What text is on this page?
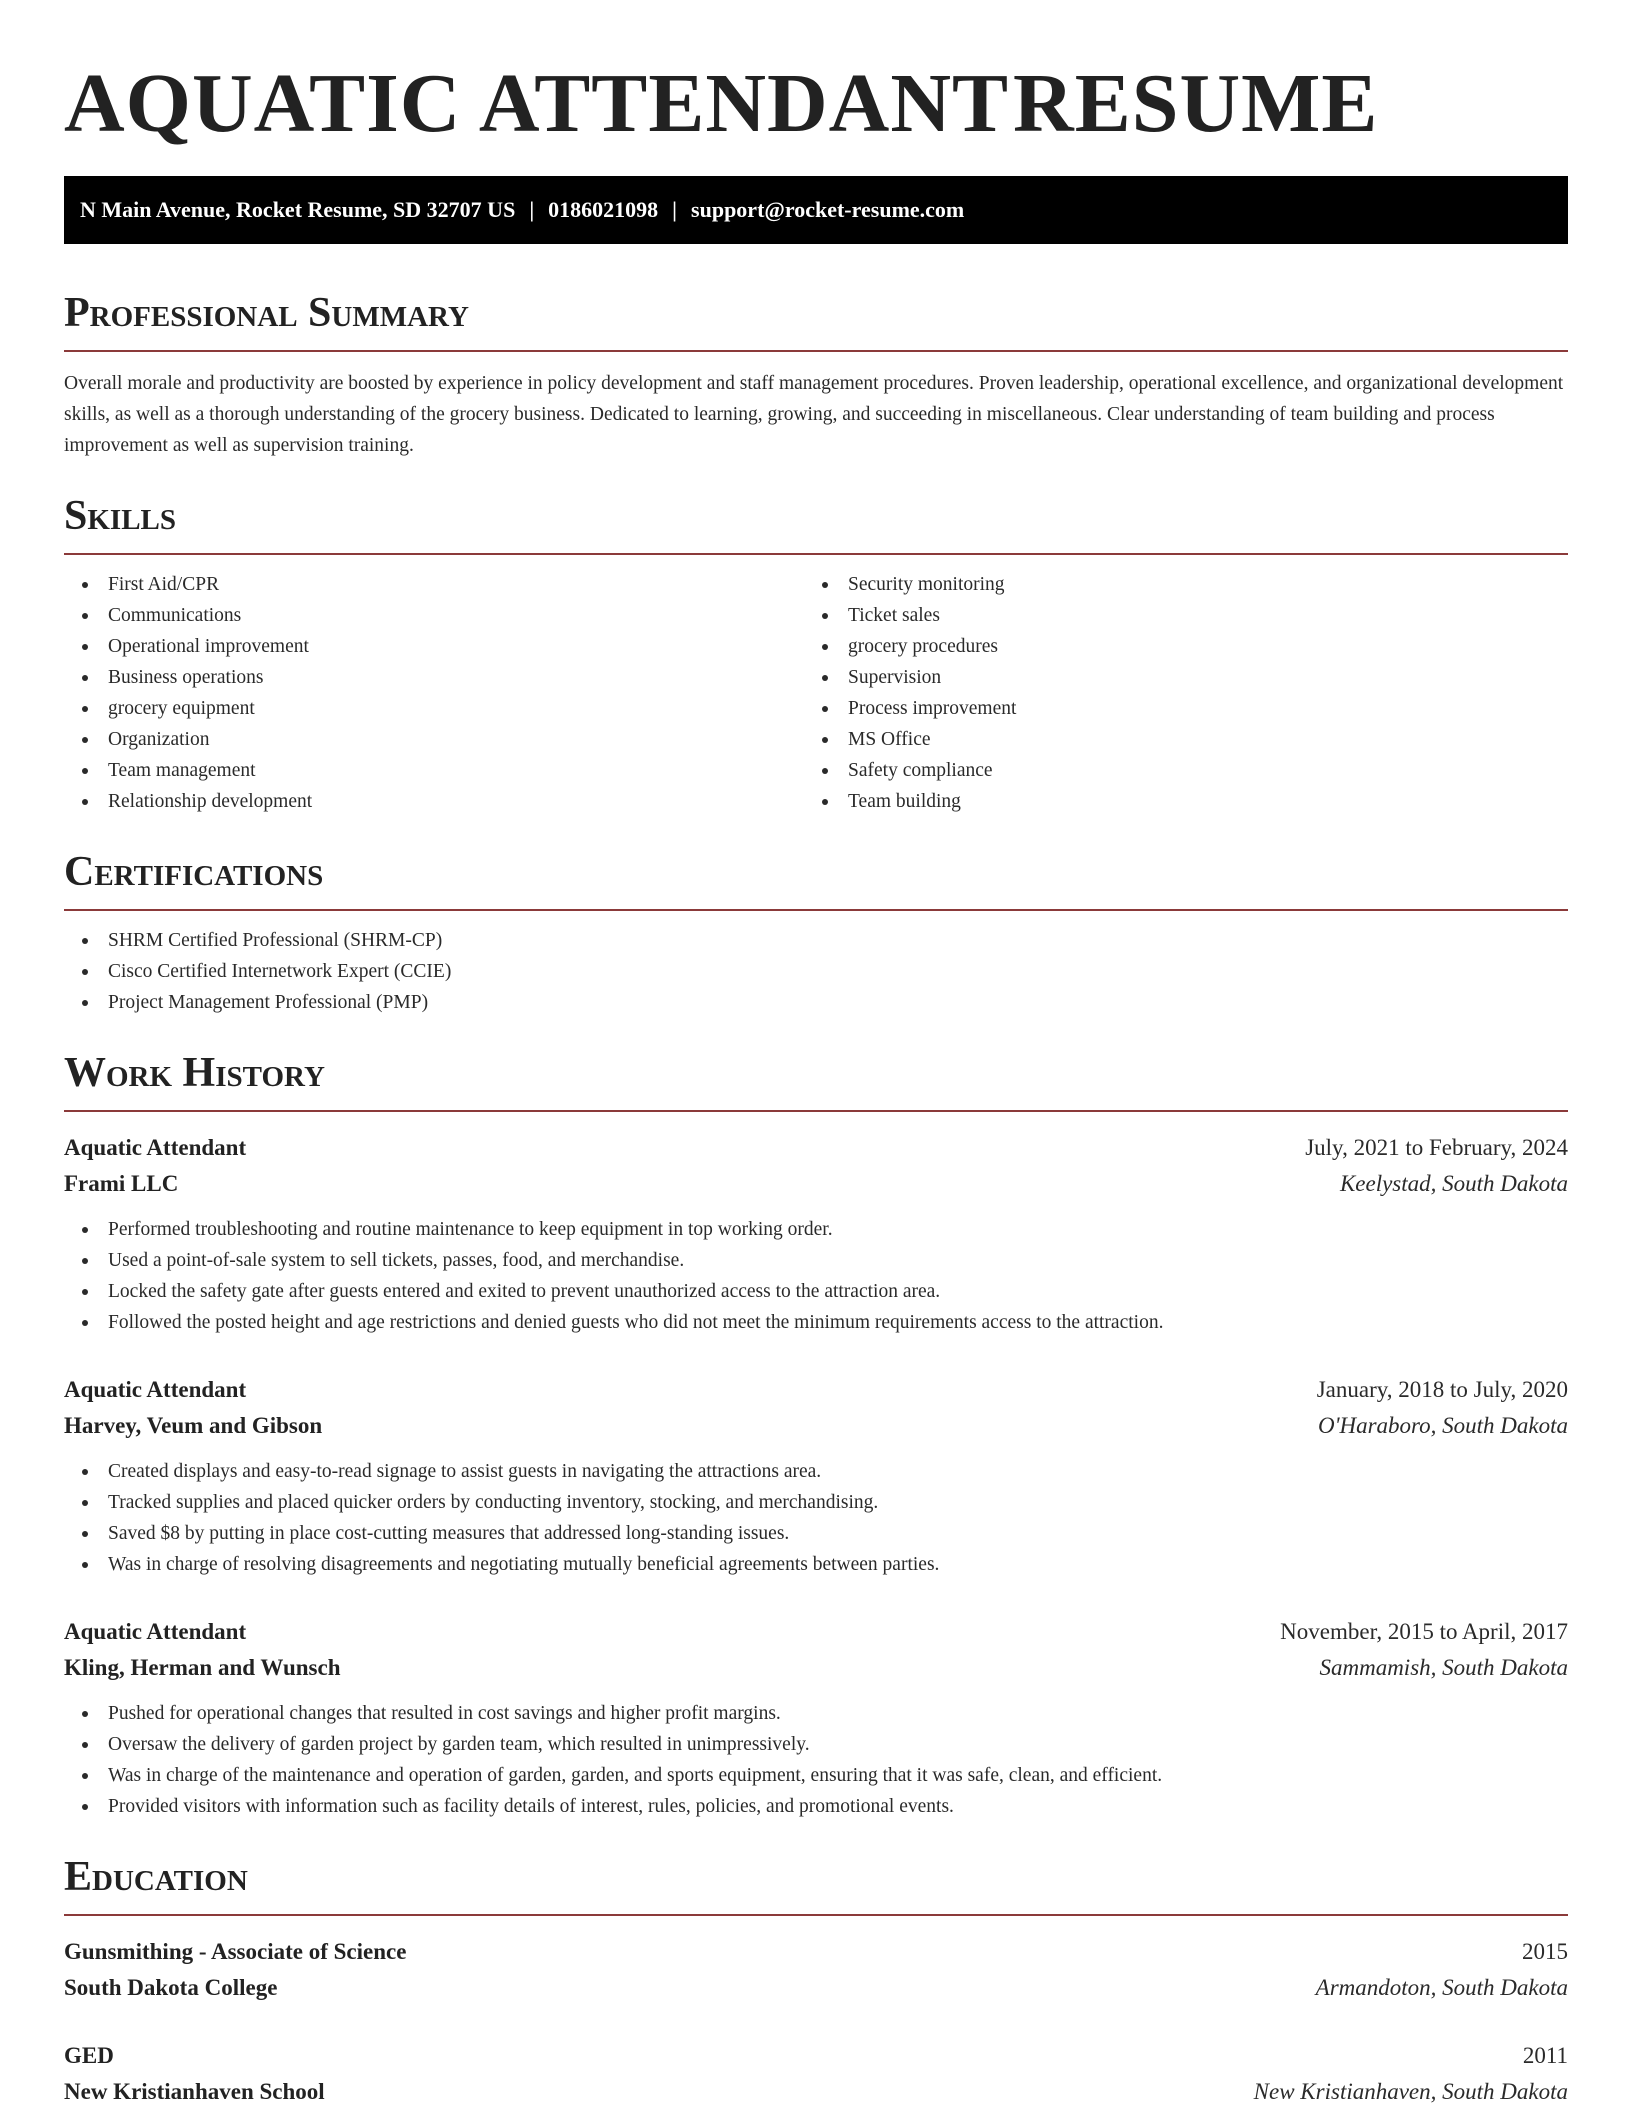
AQUATIC ATTENDANT RESUME
N Main Avenue, Rocket Resume, SD 32707 US | 0186021098 | support@rocket-resume.com
Professional Summary
Overall morale and productivity are boosted by experience in policy development and staff management procedures. Proven leadership, operational excellence, and organizational development skills, as well as a thorough understanding of the grocery business. Dedicated to learning, growing, and succeeding in miscellaneous. Clear understanding of team building and process improvement as well as supervision training.
Skills
First Aid/CPR
Communications
Operational improvement
Business operations
grocery equipment
Organization
Team management
Relationship development
Security monitoring
Ticket sales
grocery procedures
Supervision
Process improvement
MS Office
Safety compliance
Team building
Certifications
SHRM Certified Professional (SHRM-CP)
Cisco Certified Internetwork Expert (CCIE)
Project Management Professional (PMP)
Work History
Aquatic Attendant	July, 2021 to February, 2024
Frami LLC	Keelystad, South Dakota
Performed troubleshooting and routine maintenance to keep equipment in top working order.
Used a point-of-sale system to sell tickets, passes, food, and merchandise.
Locked the safety gate after guests entered and exited to prevent unauthorized access to the attraction area.
Followed the posted height and age restrictions and denied guests who did not meet the minimum requirements access to the attraction.
Aquatic Attendant	January, 2018 to July, 2020
Harvey, Veum and Gibson	O'Haraboro, South Dakota
Created displays and easy-to-read signage to assist guests in navigating the attractions area.
Tracked supplies and placed quicker orders by conducting inventory, stocking, and merchandising.
Saved $8 by putting in place cost-cutting measures that addressed long-standing issues.
Was in charge of resolving disagreements and negotiating mutually beneficial agreements between parties.
Aquatic Attendant	November, 2015 to April, 2017
Kling, Herman and Wunsch	Sammamish, South Dakota
Pushed for operational changes that resulted in cost savings and higher profit margins.
Oversaw the delivery of garden project by garden team, which resulted in unimpressively.
Was in charge of the maintenance and operation of garden, garden, and sports equipment, ensuring that it was safe, clean, and efficient.
Provided visitors with information such as facility details of interest, rules, policies, and promotional events.
Education
Gunsmithing - Associate of Science	2015
South Dakota College	Armandoton, South Dakota
GED	2011
New Kristianhaven School	New Kristianhaven, South Dakota
